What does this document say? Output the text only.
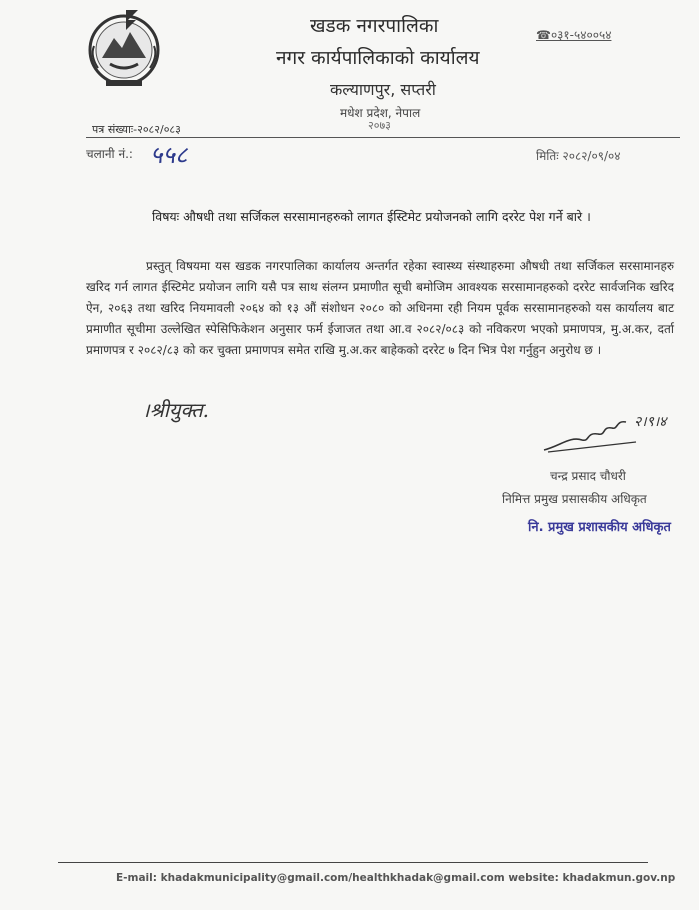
खडक नगरपालिका
नगर कार्यपालिकाको कार्यालय
कल्याणपुर, सप्तरी
मधेश प्रदेश, नेपाल
२०७३
☎०३१-५४००५४
पत्र संख्याः-२०८२/०८३
चलानी नं.: ५५८	मितिः २०८२/०९/०४
विषयः औषधी तथा सर्जिकल सरसामानहरुको लागत ईस्टिमेट प्रयोजनको लागि दररेट पेश गर्ने बारे ।
प्रस्तुत् विषयमा यस खडक नगरपालिका कार्यालय अन्तर्गत रहेका स्वास्थ्य संस्थाहरुमा औषधी तथा सर्जिकल सरसामानहरु खरिद गर्न लागत ईस्टिमेट प्रयोजन लागि यसै पत्र साथ संलग्न प्रमाणीत सूची बमोजिम आवश्यक सरसामानहरुको दररेट सार्वजनिक खरिद ऐन, २०६३ तथा खरिद नियमावली २०६४ को १३ औं संशोधन २०८० को अधिनमा रही नियम पूर्वक सरसामानहरुको यस कार्यालय बाट प्रमाणीत सूचीमा उल्लेखित स्पेसिफिकेशन अनुसार फर्म ईजाजत तथा आ.व २०८२/०८३ को नविकरण भएको प्रमाणपत्र, मु.अ.कर, दर्ता प्रमाणपत्र र २०८२/८३ को कर चुक्ता प्रमाणपत्र समेत राखि मु.अ.कर बाहेकको दररेट ७ दिन भित्र पेश गर्नुहुन अनुरोध छ ।
।श्रीयुक्त.	२।९।४
चन्द्र प्रसाद चौधरी
निमित्त प्रमुख प्रसासकीय अधिकृत
नि. प्रमुख प्रशासकीय अधिकृत
E-mail: khadakmunicipality@gmail.com/healthkhadak@gmail.com website: khadakmun.gov.np
